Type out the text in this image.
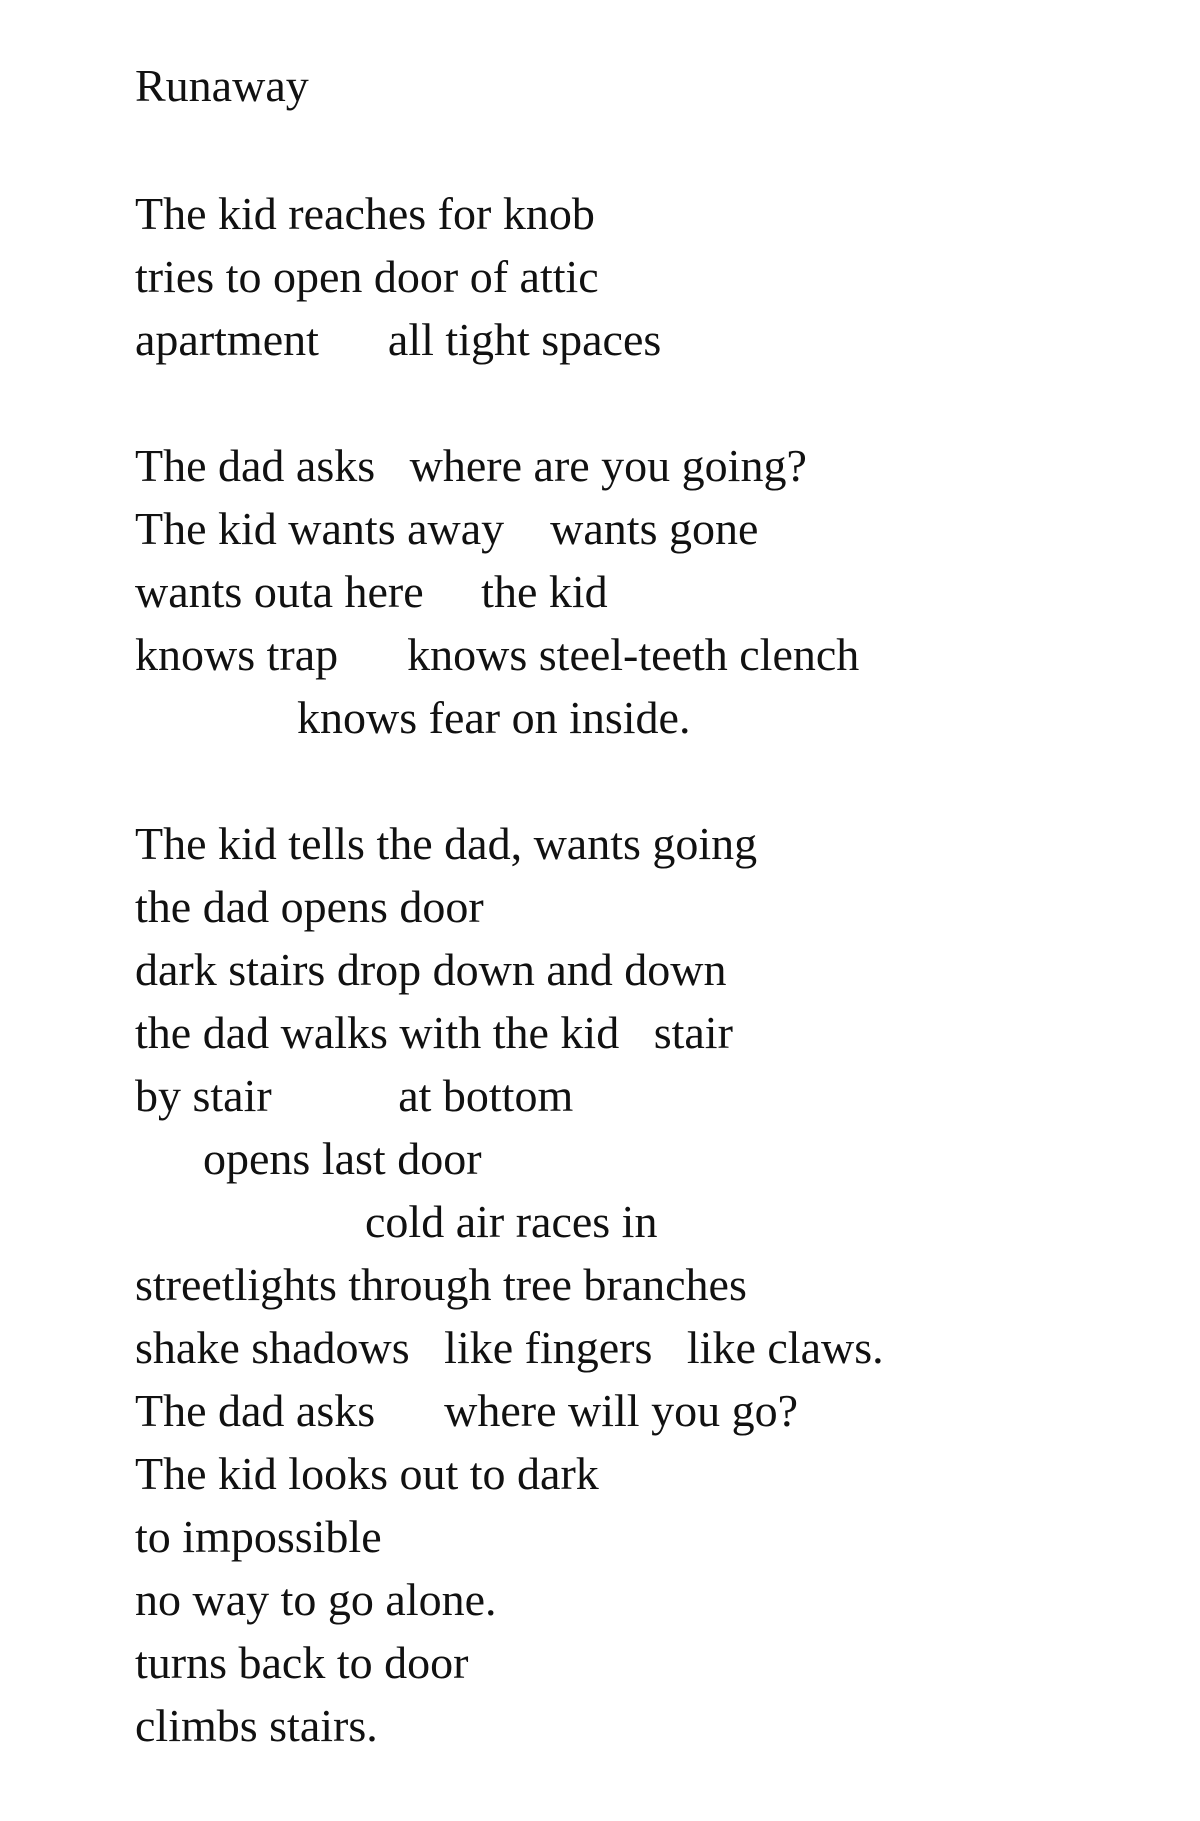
Runaway
The kid reaches for knob
tries to open door of attic
apartment      all tight spaces
The dad asks   where are you going?
The kid wants away    wants gone
wants outa here     the kid
knows trap      knows steel-teeth clench
knows fear on inside.
The kid tells the dad, wants going
the dad opens door
dark stairs drop down and down
the dad walks with the kid   stair
by stair           at bottom
opens last door
cold air races in
streetlights through tree branches
shake shadows   like fingers   like claws.
The dad asks      where will you go?
The kid looks out to dark
to impossible
no way to go alone.
turns back to door
climbs stairs.
